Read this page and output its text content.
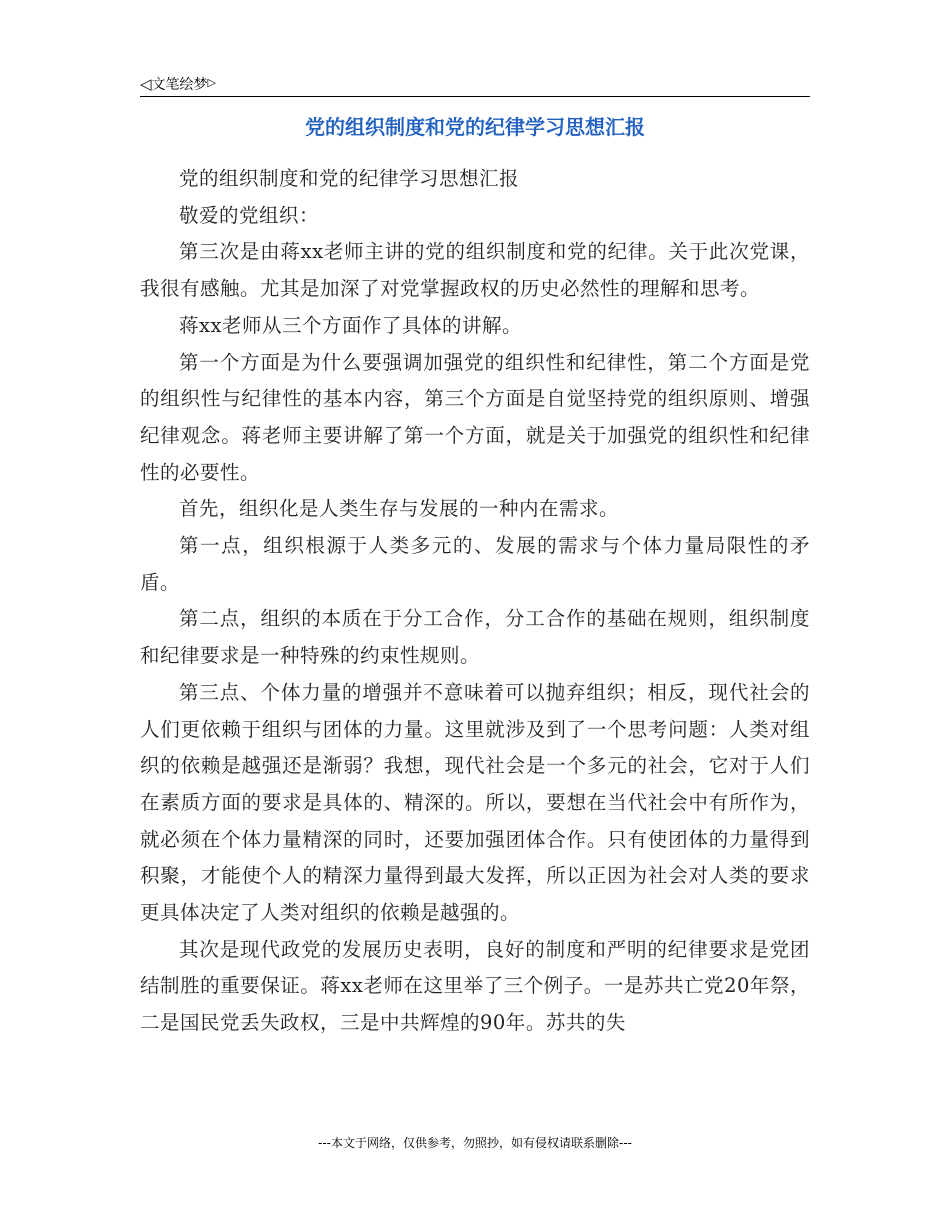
◁文笔绘梦▷
党的组织制度和党的纪律学习思想汇报

党的组织制度和党的纪律学习思想汇报

敬爱的党组织：

第三次是由蒋xx老师主讲的党的组织制度和党的纪律。关于此次党课，我很有感触。尤其是加深了对党掌握政权的历史必然性的理解和思考。

蒋xx老师从三个方面作了具体的讲解。

第一个方面是为什么要强调加强党的组织性和纪律性，第二个方面是党的组织性与纪律性的基本内容，第三个方面是自觉坚持党的组织原则、增强纪律观念。蒋老师主要讲解了第一个方面，就是关于加强党的组织性和纪律性的必要性。

首先，组织化是人类生存与发展的一种内在需求。

第一点，组织根源于人类多元的、发展的需求与个体力量局限性的矛盾。

第二点，组织的本质在于分工合作，分工合作的基础在规则，组织制度和纪律要求是一种特殊的约束性规则。

第三点、个体力量的增强并不意味着可以抛弃组织；相反，现代社会的人们更依赖于组织与团体的力量。这里就涉及到了一个思考问题：人类对组织的依赖是越强还是渐弱？我想，现代社会是一个多元的社会，它对于人们在素质方面的要求是具体的、精深的。所以，要想在当代社会中有所作为，就必须在个体力量精深的同时，还要加强团体合作。只有使团体的力量得到积聚，才能使个人的精深力量得到最大发挥，所以正因为社会对人类的要求更具体决定了人类对组织的依赖是越强的。

其次是现代政党的发展历史表明，良好的制度和严明的纪律要求是党团结制胜的重要保证。蒋xx老师在这里举了三个例子。一是苏共亡党20年祭，二是国民党丢失政权，三是中共辉煌的90年。苏共的失

---本文于网络，仅供参考，勿照抄，如有侵权请联系删除---
